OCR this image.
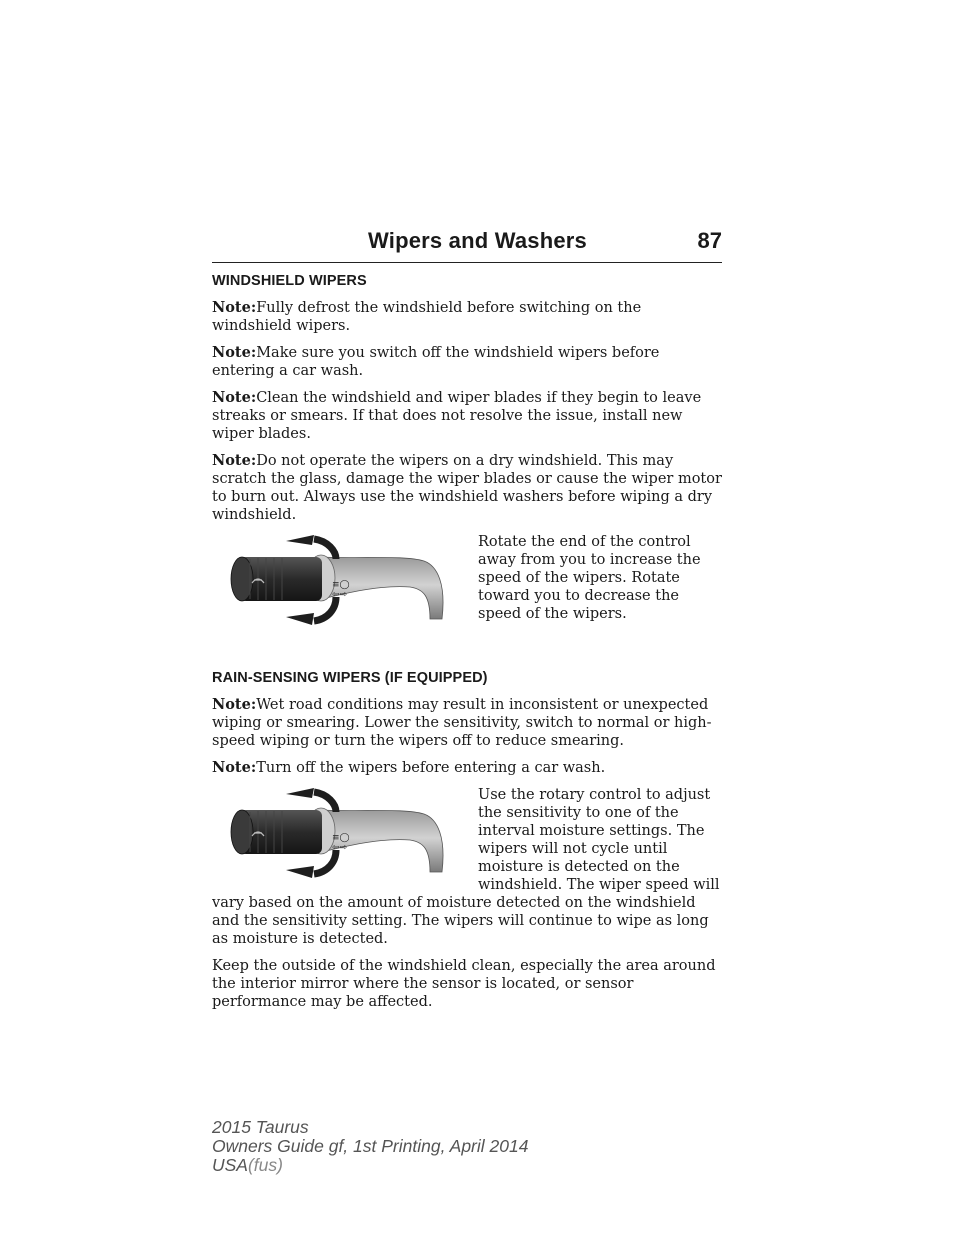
Wipers and Washers	87
WINDSHIELD WIPERS

Note:Fully defrost the windshield before switching on the windshield wipers.

Note:Make sure you switch off the windshield wipers before entering a car wash.

Note:Clean the windshield and wiper blades if they begin to leave streaks or smears. If that does not resolve the issue, install new wiper blades.

Note:Do not operate the wipers on a dry windshield. This may scratch the glass, damage the wiper blades or cause the wiper motor to burn out. Always use the windshield washers before wiping a dry windshield.

≡◯
⇦⇨

Rotate the end of the control away from you to increase the speed of the wipers. Rotate toward you to decrease the speed of the wipers.

RAIN-SENSING WIPERS (IF EQUIPPED)

Note:Wet road conditions may result in inconsistent or unexpected wiping or smearing. Lower the sensitivity, switch to normal or high-speed wiping or turn the wipers off to reduce smearing.

Note:Turn off the wipers before entering a car wash.

≡◯
⇦⇨

Use the rotary control to adjust the sensitivity to one of the interval moisture settings. The wipers will not cycle until moisture is detected on the windshield. The wiper speed will vary based on the amount of moisture detected on the windshield and the sensitivity setting. The wipers will continue to wipe as long as moisture is detected.

Keep the outside of the windshield clean, especially the area around the interior mirror where the sensor is located, or sensor performance may be affected.

2015 Taurus
Owners Guide gf, 1st Printing, April 2014
USA(fus)
